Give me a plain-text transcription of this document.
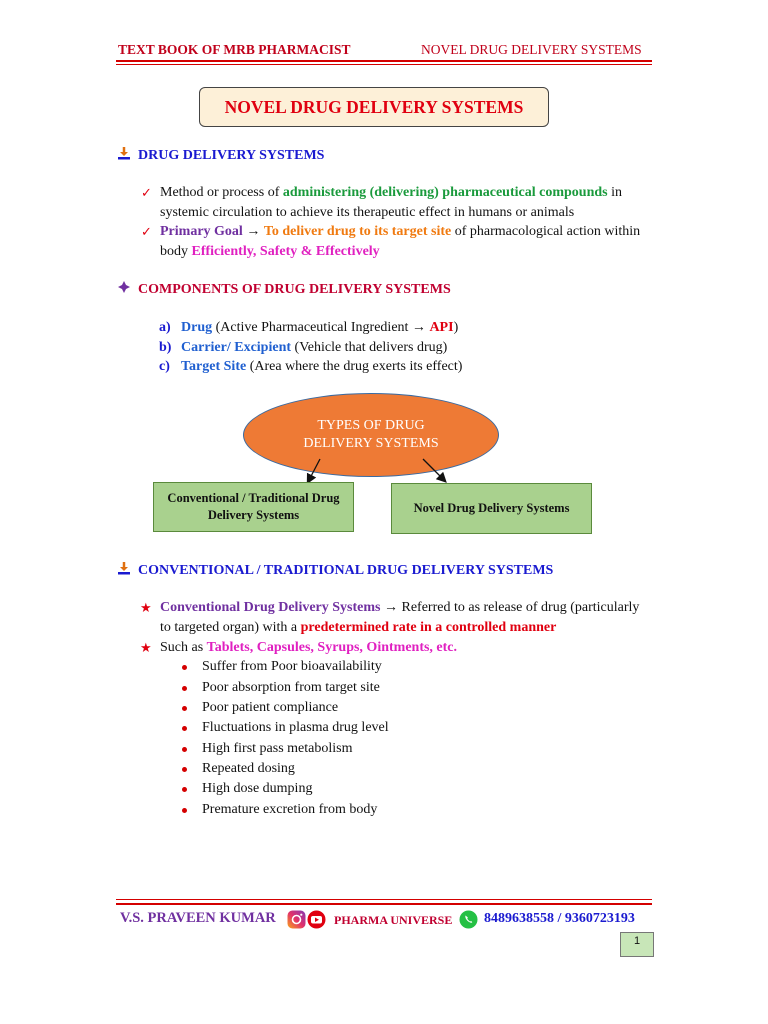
TEXT BOOK OF MRB PHARMACIST	NOVEL DRUG DELIVERY SYSTEMS
NOVEL DRUG DELIVERY SYSTEMS
DRUG DELIVERY SYSTEMS
✓ Method or process of administering (delivering) pharmaceutical compounds in
systemic circulation to achieve its therapeutic effect in humans or animals
✓ Primary Goal → To deliver drug to its target site of pharmacological action within
body Efficiently, Safety & Effectively
COMPONENTS OF DRUG DELIVERY SYSTEMS
a) Drug (Active Pharmaceutical Ingredient → API)
b) Carrier/ Excipient (Vehicle that delivers drug)
c) Target Site (Area where the drug exerts its effect)
TYPES OF DRUG
DELIVERY SYSTEMS
Conventional / Traditional Drug
Delivery Systems	Novel Drug Delivery Systems
CONVENTIONAL / TRADITIONAL DRUG DELIVERY SYSTEMS
★ Conventional Drug Delivery Systems → Referred to as release of drug (particularly
to targeted organ) with a predetermined rate in a controlled manner
★ Such as Tablets, Capsules, Syrups, Ointments, etc.
Suffer from Poor bioavailability
Poor absorption from target site
Poor patient compliance
Fluctuations in plasma drug level
High first pass metabolism
Repeated dosing
High dose dumping
Premature excretion from body
V.S. PRAVEEN KUMAR	PHARMA UNIVERSE 8489638558 / 9360723193
1
